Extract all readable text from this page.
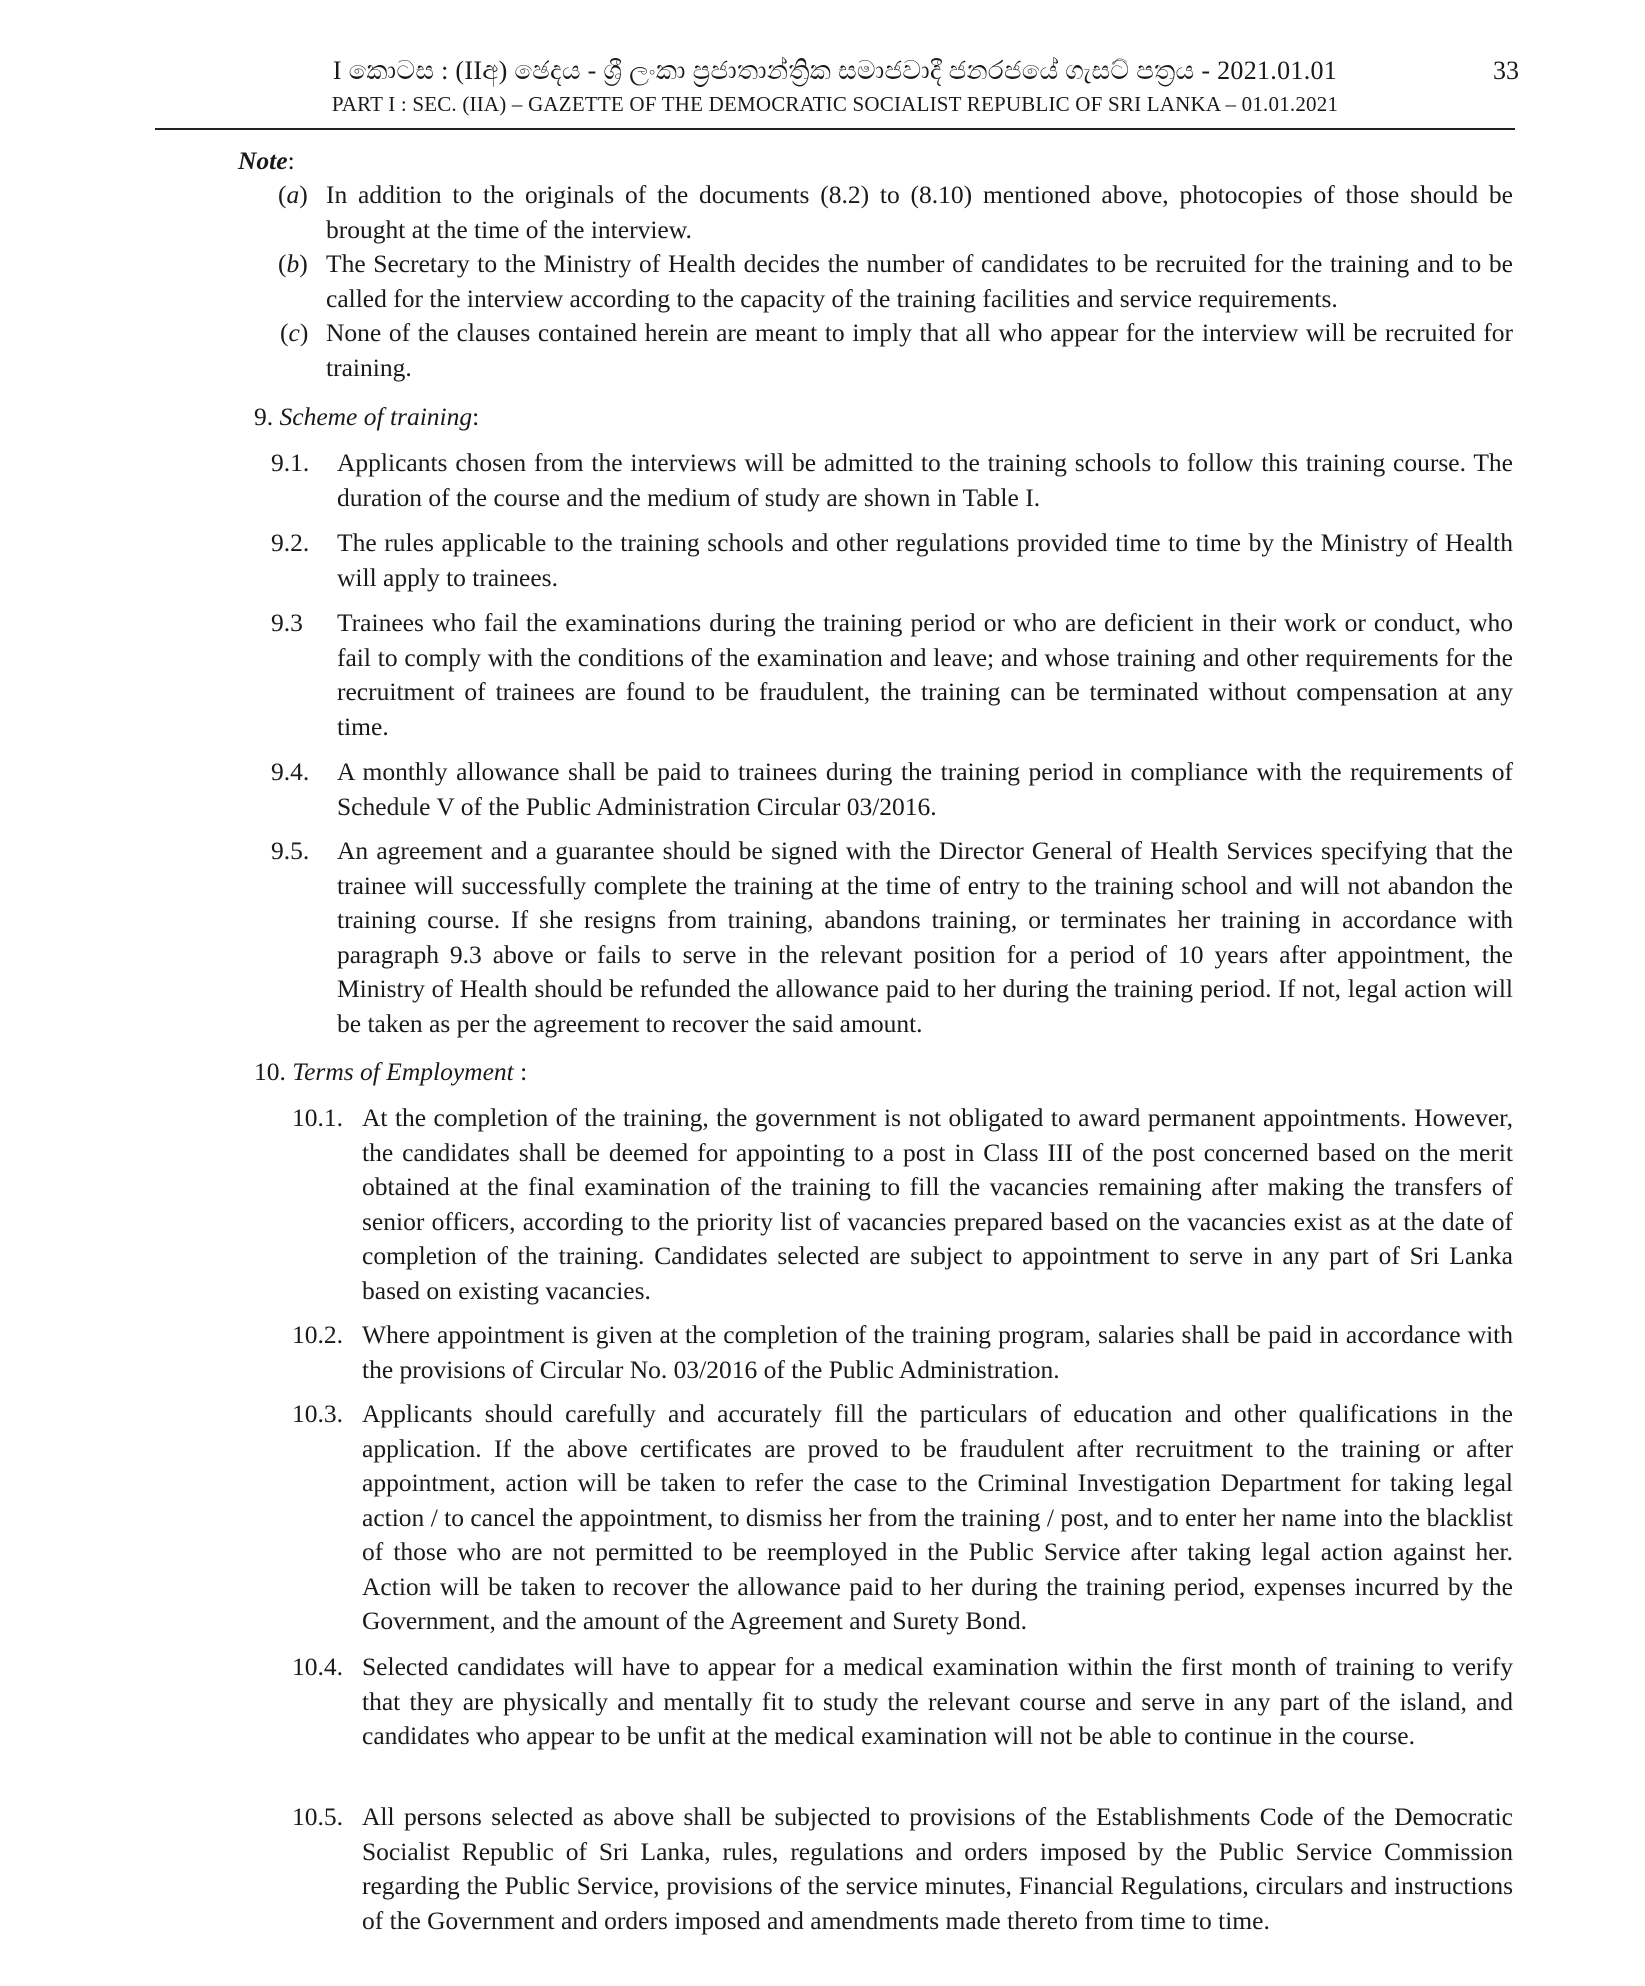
I කොටස : (IIඅ) ඡෙදය - ශ්‍රී ලංකා ප්‍රජාතාන්ත්‍රික සමාජවාදී ජනරජයේ ගැසට් පත්‍රය - 2021.01.01
PART I : SEC. (IIA) – GAZETTE OF THE DEMOCRATIC SOCIALIST REPUBLIC OF SRI LANKA – 01.01.2021
33
Note:
(a) In addition to the originals of the documents (8.2) to (8.10) mentioned above, photocopies of those should be brought at the time of the interview.
(b) The Secretary to the Ministry of Health decides the number of candidates to be recruited for the training and to be called for the interview according to the capacity of the training facilities and service requirements.
(c) None of the clauses contained herein are meant to imply that all who appear for the interview will be recruited for training.
9. Scheme of training:
9.1. Applicants chosen from the interviews will be admitted to the training schools to follow this training course. The duration of the course and the medium of study are shown in Table I.
9.2. The rules applicable to the training schools and other regulations provided time to time by the Ministry of Health will apply to trainees.
9.3 Trainees who fail the examinations during the training period or who are deficient in their work or conduct, who fail to comply with the conditions of the examination and leave; and whose training and other requirements for the recruitment of trainees are found to be fraudulent, the training can be terminated without compensation at any time.
9.4. A monthly allowance shall be paid to trainees during the training period in compliance with the requirements of Schedule V of the Public Administration Circular 03/2016.
9.5. An agreement and a guarantee should be signed with the Director General of Health Services specifying that the trainee will successfully complete the training at the time of entry to the training school and will not abandon the training course. If she resigns from training, abandons training, or terminates her training in accordance with paragraph 9.3 above or fails to serve in the relevant position for a period of 10 years after appointment, the Ministry of Health should be refunded the allowance paid to her during the training period. If not, legal action will be taken as per the agreement to recover the said amount.
10. Terms of Employment :
10.1. At the completion of the training, the government is not obligated to award permanent appointments. However, the candidates shall be deemed for appointing to a post in Class III of the post concerned based on the merit obtained at the final examination of the training to fill the vacancies remaining after making the transfers of senior officers, according to the priority list of vacancies prepared based on the vacancies exist as at the date of completion of the training. Candidates selected are subject to appointment to serve in any part of Sri Lanka based on existing vacancies.
10.2. Where appointment is given at the completion of the training program, salaries shall be paid in accordance with the provisions of Circular No. 03/2016 of the Public Administration.
10.3. Applicants should carefully and accurately fill the particulars of education and other qualifications in the application. If the above certificates are proved to be fraudulent after recruitment to the training or after appointment, action will be taken to refer the case to the Criminal Investigation Department for taking legal action / to cancel the appointment, to dismiss her from the training / post, and to enter her name into the blacklist of those who are not permitted to be reemployed in the Public Service after taking legal action against her. Action will be taken to recover the allowance paid to her during the training period, expenses incurred by the Government, and the amount of the Agreement and Surety Bond.
10.4. Selected candidates will have to appear for a medical examination within the first month of training to verify that they are physically and mentally fit to study the relevant course and serve in any part of the island, and candidates who appear to be unfit at the medical examination will not be able to continue in the course.
10.5. All persons selected as above shall be subjected to provisions of the Establishments Code of the Democratic Socialist Republic of Sri Lanka, rules, regulations and orders imposed by the Public Service Commission regarding the Public Service, provisions of the service minutes, Financial Regulations, circulars and instructions of the Government and orders imposed and amendments made thereto from time to time.
